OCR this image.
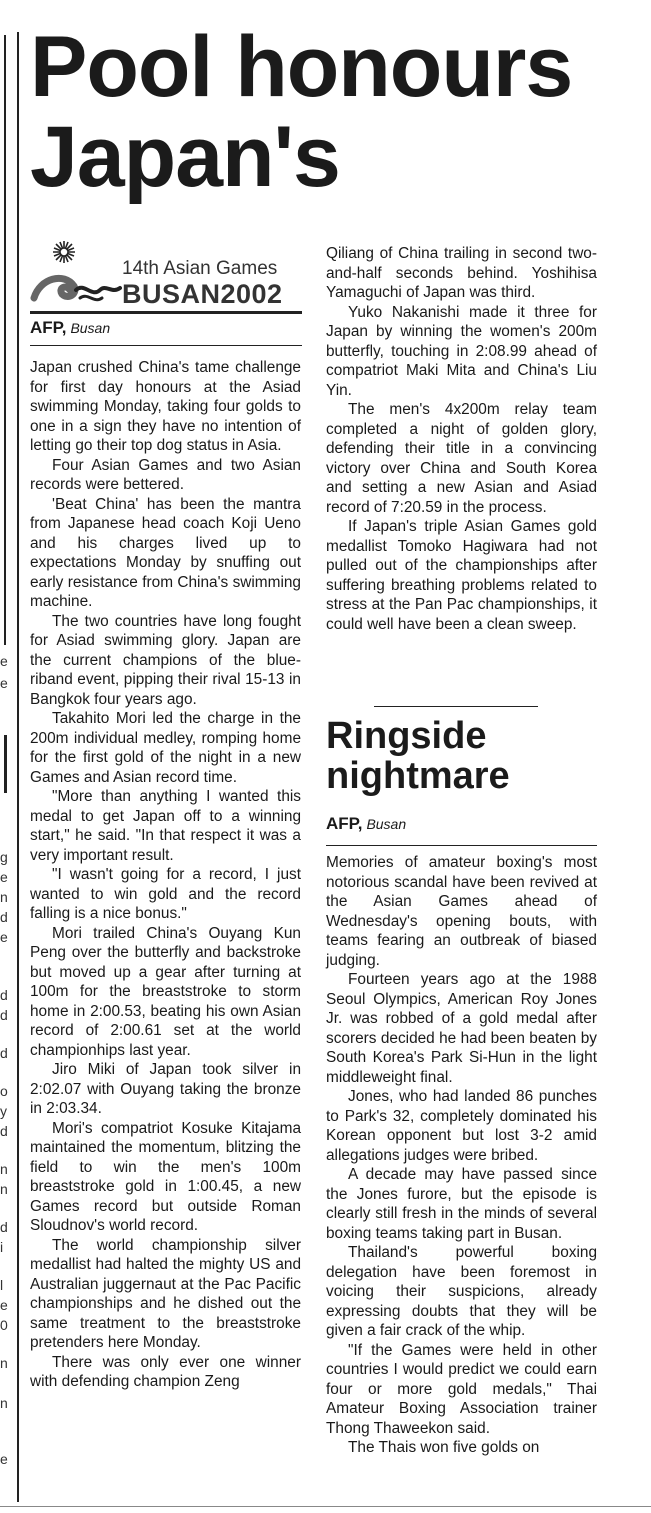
e
e
g
e
n
d
e
d
d
d
o
y
d
n
n
d
i
l
e
0
n
n
e
Pool honours Japan's
14th Asian Games
BUSAN2002
AFP, Busan

Japan crushed China's tame challenge for first day honours at the Asiad swimming Monday, taking four golds to one in a sign they have no intention of letting go their top dog status in Asia.

Four Asian Games and two Asian records were bettered.

'Beat China' has been the mantra from Japanese head coach Koji Ueno and his charges lived up to expectations Monday by snuffing out early resistance from China's swimming machine.

The two countries have long fought for Asiad swimming glory. Japan are the current champions of the blue-riband event, pipping their rival 15-13 in Bangkok four years ago.

Takahito Mori led the charge in the 200m individual medley, romping home for the first gold of the night in a new Games and Asian record time.

"More than anything I wanted this medal to get Japan off to a winning start," he said. "In that respect it was a very important result.

"I wasn't going for a record, I just wanted to win gold and the record falling is a nice bonus."

Mori trailed China's Ouyang Kun Peng over the butterfly and backstroke but moved up a gear after turning at 100m for the breaststroke to storm home in 2:00.53, beating his own Asian record of 2:00.61 set at the world championhips last year.

Jiro Miki of Japan took silver in 2:02.07 with Ouyang taking the bronze in 2:03.34.

Mori's compatriot Kosuke Kitajama maintained the momentum, blitzing the field to win the men's 100m breaststroke gold in 1:00.45, a new Games record but outside Roman Sloudnov's world record.

The world championship silver medallist had halted the mighty US and Australian juggernaut at the Pac Pacific championships and he dished out the same treatment to the breaststroke pretenders here Monday.

There was only ever one winner with defending champion Zeng

Qiliang of China trailing in second two-and-half seconds behind. Yoshihisa Yamaguchi of Japan was third.

Yuko Nakanishi made it three for Japan by winning the women's 200m butterfly, touching in 2:08.99 ahead of compatriot Maki Mita and China's Liu Yin.

The men's 4x200m relay team completed a night of golden glory, defending their title in a convincing victory over China and South Korea and setting a new Asian and Asiad record of 7:20.59 in the process.

If Japan's triple Asian Games gold medallist Tomoko Hagiwara had not pulled out of the championships after suffering breathing problems related to stress at the Pan Pac championships, it could well have been a clean sweep.

Ringside nightmare
AFP, Busan

Memories of amateur boxing's most notorious scandal have been revived at the Asian Games ahead of Wednesday's opening bouts, with teams fearing an outbreak of biased judging.

Fourteen years ago at the 1988 Seoul Olympics, American Roy Jones Jr. was robbed of a gold medal after scorers decided he had been beaten by South Korea's Park Si-Hun in the light middleweight final.

Jones, who had landed 86 punches to Park's 32, completely dominated his Korean opponent but lost 3-2 amid allegations judges were bribed.

A decade may have passed since the Jones furore, but the episode is clearly still fresh in the minds of several boxing teams taking part in Busan.

Thailand's powerful boxing delegation have been foremost in voicing their suspicions, already expressing doubts that they will be given a fair crack of the whip.

"If the Games were held in other countries I would predict we could earn four or more gold medals," Thai Amateur Boxing Association trainer Thong Thaweekon said.

The Thais won five golds on
